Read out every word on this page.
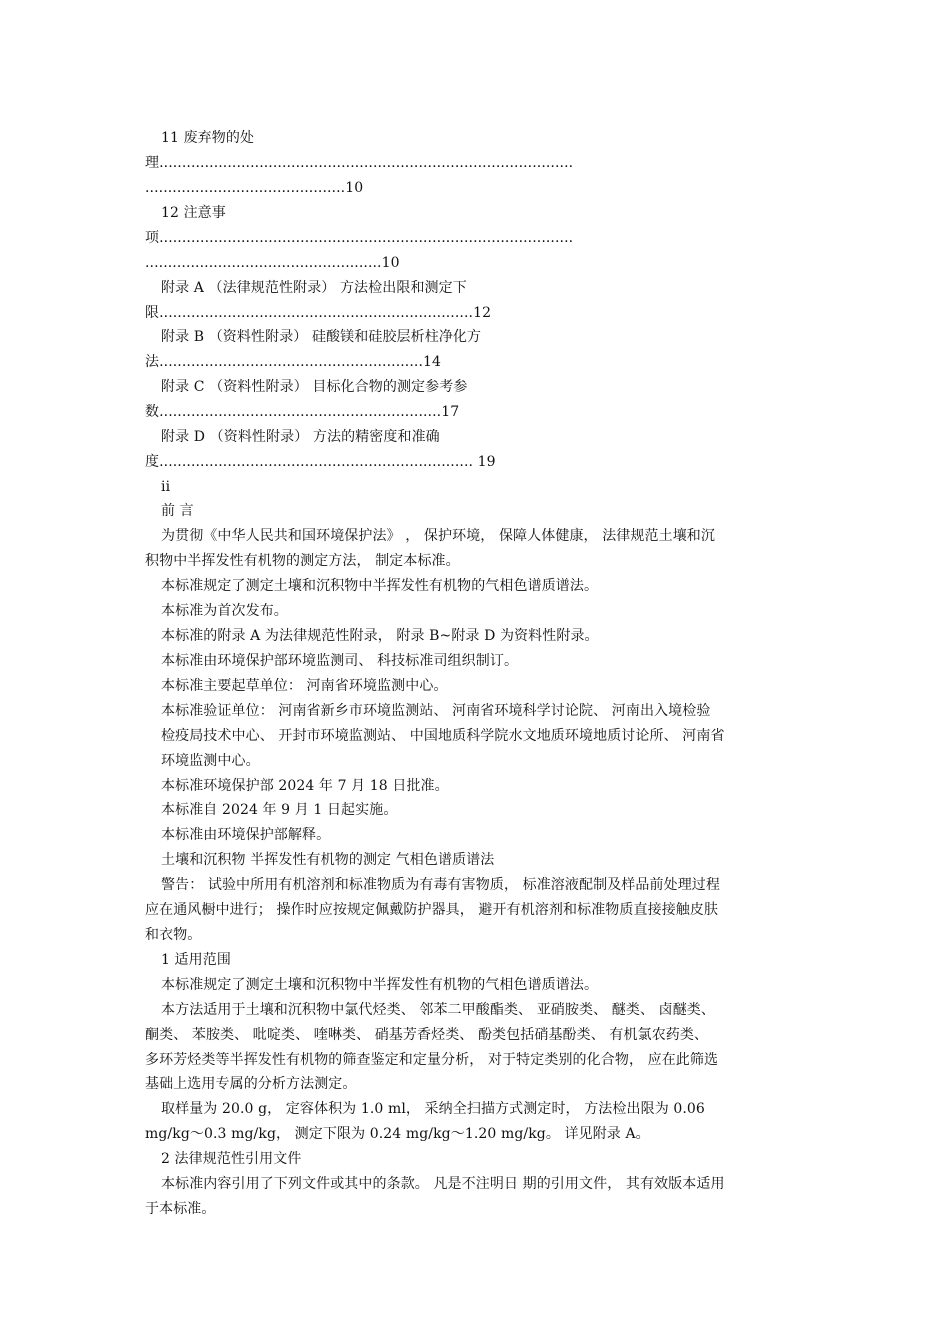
11 废弃物的处
理...........................................................................................
............................................10
12 注意事
项...........................................................................................
....................................................10
附录 A （法律规范性附录） 方法检出限和测定下
限.....................................................................12
附录 B （资料性附录） 硅酸镁和硅胶层析柱净化方
法..........................................................14
附录 C （资料性附录） 目标化合物的测定参考参
数..............................................................17
附录 D （资料性附录） 方法的精密度和准确
度..................................................................... 19
ii
前 言
为贯彻《中华人民共和国环境保护法》 ， 保护环境， 保障人体健康， 法律规范土壤和沉
积物中半挥发性有机物的测定方法， 制定本标准。
本标准规定了测定土壤和沉积物中半挥发性有机物的气相色谱质谱法。
本标准为首次发布。
本标准的附录 A 为法律规范性附录， 附录 B~附录 D 为资料性附录。
本标准由环境保护部环境监测司、 科技标准司组织制订。
本标准主要起草单位： 河南省环境监测中心。
本标准验证单位： 河南省新乡市环境监测站、 河南省环境科学讨论院、 河南出入境检验
检疫局技术中心、 开封市环境监测站、 中国地质科学院水文地质环境地质讨论所、 河南省
环境监测中心。
本标准环境保护部 2024 年 7 月 18 日批准。
本标准自 2024 年 9 月 1 日起实施。
本标准由环境保护部解释。
土壤和沉积物 半挥发性有机物的测定 气相色谱质谱法
警告： 试验中所用有机溶剂和标准物质为有毒有害物质， 标准溶液配制及样品前处理过程
应在通风橱中进行； 操作时应按规定佩戴防护器具， 避开有机溶剂和标准物质直接接触皮肤
和衣物。
1 适用范围
本标准规定了测定土壤和沉积物中半挥发性有机物的气相色谱质谱法。
本方法适用于土壤和沉积物中氯代烃类、 邻苯二甲酸酯类、 亚硝胺类、 醚类、 卤醚类、
酮类、 苯胺类、 吡啶类、 喹啉类、 硝基芳香烃类、 酚类包括硝基酚类、 有机氯农药类、
多环芳烃类等半挥发性有机物的筛查鉴定和定量分析， 对于特定类别的化合物， 应在此筛选
基础上选用专属的分析方法测定。
取样量为 20.0 g， 定容体积为 1.0 ml， 采纳全扫描方式测定时， 方法检出限为 0.06
mg/kg～0.3 mg/kg， 测定下限为 0.24 mg/kg～1.20 mg/kg。 详见附录 A。
2 法律规范性引用文件
本标准内容引用了下列文件或其中的条款。 凡是不注明日 期的引用文件， 其有效版本适用
于本标准。
